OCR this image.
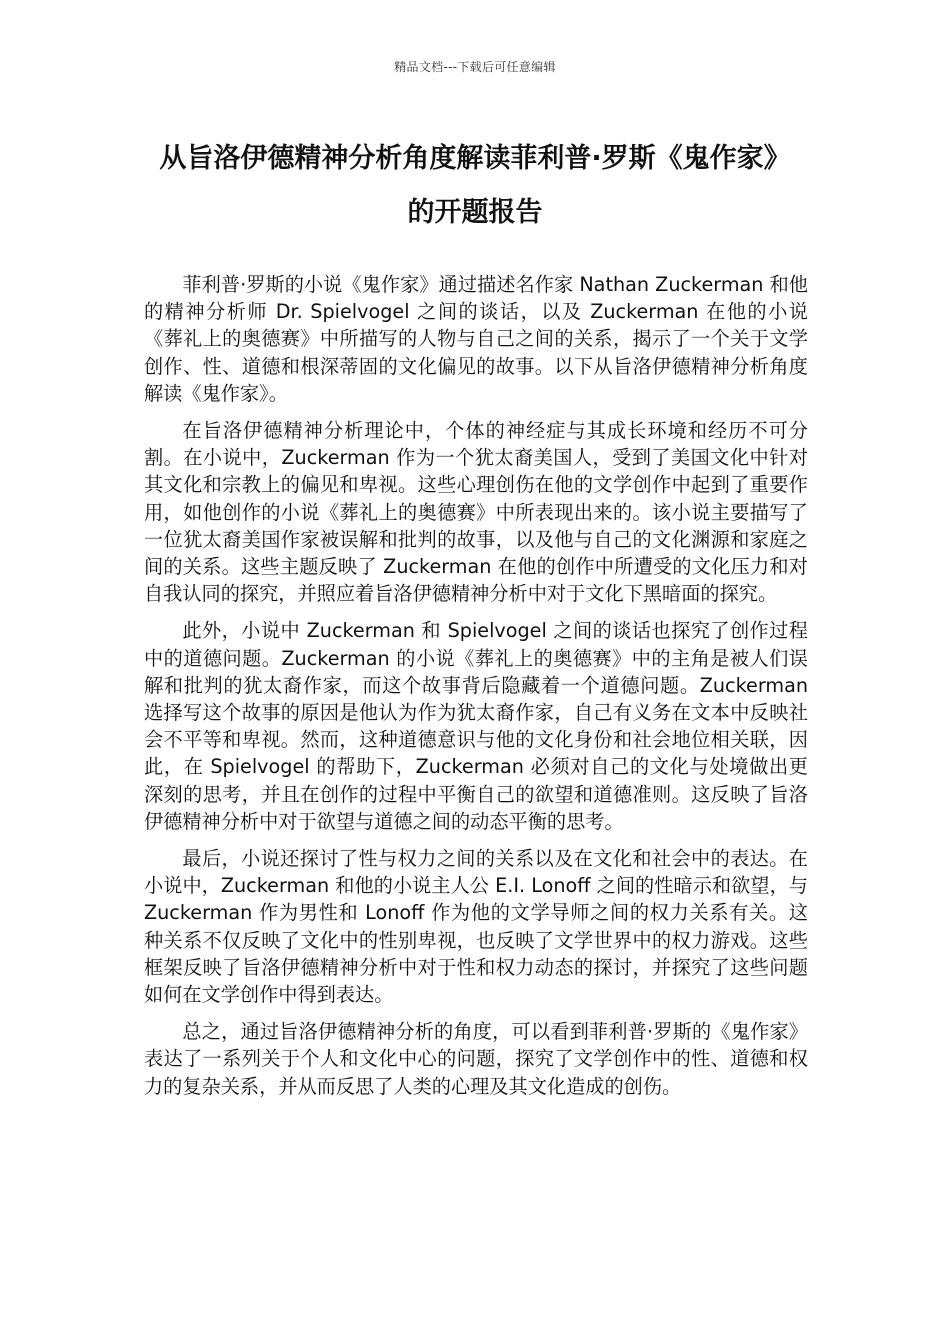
精品文档---下载后可任意编辑
从旨洛伊德精神分析角度解读菲利普·罗斯《鬼作家》的开题报告

菲利普·罗斯的小说《鬼作家》通过描述名作家 Nathan Zuckerman 和他的精神分析师 Dr. Spielvogel 之间的谈话，以及 Zuckerman 在他的小说《葬礼上的奥德赛》中所描写的人物与自己之间的关系，揭示了一个关于文学创作、性、道德和根深蒂固的文化偏见的故事。以下从旨洛伊德精神分析角度解读《鬼作家》。

在旨洛伊德精神分析理论中，个体的神经症与其成长环境和经历不可分割。在小说中，Zuckerman 作为一个犹太裔美国人，受到了美国文化中针对其文化和宗教上的偏见和卑视。这些心理创伤在他的文学创作中起到了重要作用，如他创作的小说《葬礼上的奥德赛》中所表现出来的。该小说主要描写了一位犹太裔美国作家被误解和批判的故事，以及他与自己的文化渊源和家庭之间的关系。这些主题反映了 Zuckerman 在他的创作中所遭受的文化压力和对自我认同的探究，并照应着旨洛伊德精神分析中对于文化下黑暗面的探究。

此外，小说中 Zuckerman 和 Spielvogel 之间的谈话也探究了创作过程中的道德问题。Zuckerman 的小说《葬礼上的奥德赛》中的主角是被人们误解和批判的犹太裔作家，而这个故事背后隐藏着一个道德问题。Zuckerman 选择写这个故事的原因是他认为作为犹太裔作家，自己有义务在文本中反映社会不平等和卑视。然而，这种道德意识与他的文化身份和社会地位相关联，因此，在 Spielvogel 的帮助下，Zuckerman 必须对自己的文化与处境做出更深刻的思考，并且在创作的过程中平衡自己的欲望和道德准则。这反映了旨洛伊德精神分析中对于欲望与道德之间的动态平衡的思考。

最后，小说还探讨了性与权力之间的关系以及在文化和社会中的表达。在小说中，Zuckerman 和他的小说主人公 E.I. Lonoff 之间的性暗示和欲望，与 Zuckerman 作为男性和 Lonoff 作为他的文学导师之间的权力关系有关。这种关系不仅反映了文化中的性别卑视，也反映了文学世界中的权力游戏。这些框架反映了旨洛伊德精神分析中对于性和权力动态的探讨，并探究了这些问题如何在文学创作中得到表达。

总之，通过旨洛伊德精神分析的角度，可以看到菲利普·罗斯的《鬼作家》表达了一系列关于个人和文化中心的问题，探究了文学创作中的性、道德和权力的复杂关系，并从而反思了人类的心理及其文化造成的创伤。
